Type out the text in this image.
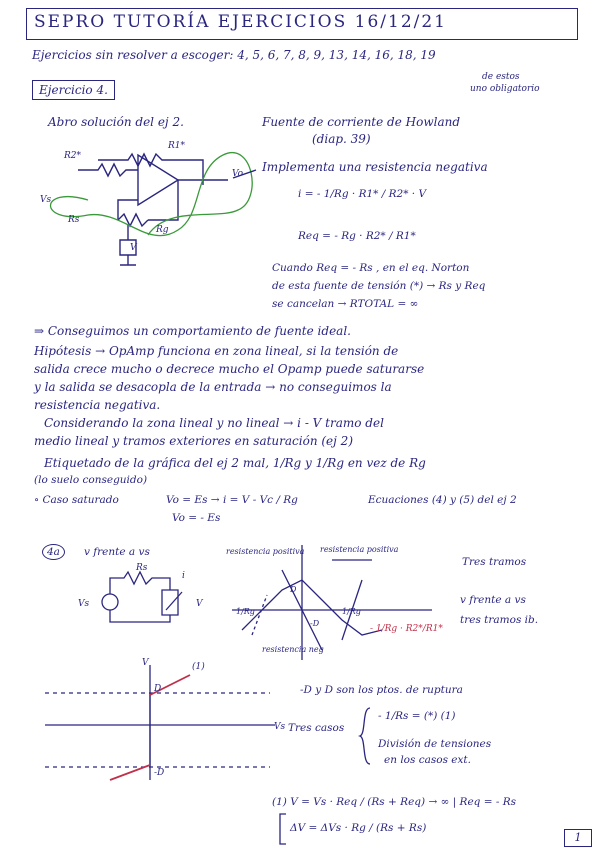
SEPRO TUTORÍA EJERCICIOS 16/12/21
Ejercicios sin resolver a escoger: 4, 5, 6, 7, 8, 9, 13, 14, 16, 18, 19
de estos
uno obligatorio
Ejercicio 4.
Abro solución del ej 2.	Fuente de corriente de Howland
(diap. 39)
R2*
R1*
Vo
Vs
Rs
Rg
V
Implementa una resistencia negativa
i = - 1/Rg · R1* / R2* · V
Req = - Rg · R2* / R1*
Cuando Req = - Rs , en el eq. Norton
de esta fuente de tensión (*) → Rs y Req
se cancelan → RTOTAL = ∞
⇒ Conseguimos un comportamiento de fuente ideal.
Hipótesis → OpAmp funciona en zona lineal, si la tensión de
salida crece mucho o decrece mucho el Opamp puede saturarse
y la salida se desacopla de la entrada → no conseguimos la
resistencia negativa.
Considerando la zona lineal y no lineal → i - V tramo del
medio lineal y tramos exteriores en saturación (ej 2)
Etiquetado de la gráfica del ej 2 mal, 1/Rg y 1/Rg en vez de Rg
(lo suelo conseguido)
∘ Caso saturado	Vo = Es → i = V - Vc / Rg
Vo = - Es
Ecuaciones (4) y (5) del ej 2
4a	v frente a vs
Rs
Vs
i
V
resistencia positiva resistencia positiva
resistencia neg
1/Rg	1/Rg
D
-D
- 1/Rg · R2*/R1*
Tres tramos
v frente a vs
tres tramos ib.
V
Vs
(1)
D
-D
-D y D son los ptos. de ruptura
Tres casos
- 1/Rs = (*) (1)
División de tensiones
en los casos ext.
(1) V = Vs · Req / (Rs + Req) → ∞ | Req = - Rs
ΔV = ΔVs · Rg / (Rs + Rs)
1
